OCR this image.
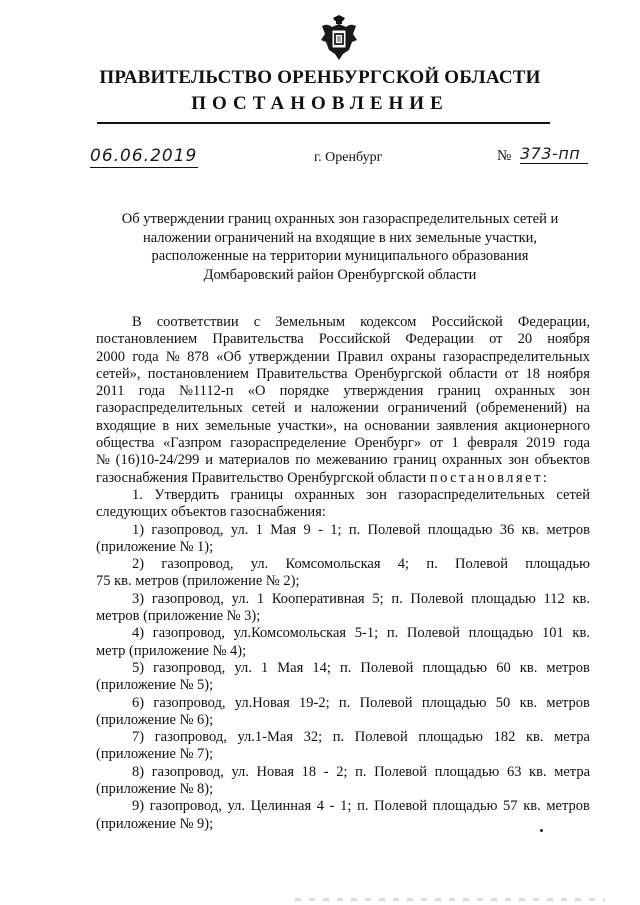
ПРАВИТЕЛЬСТВО ОРЕНБУРГСКОЙ ОБЛАСТИ
ПОСТАНОВЛЕНИЕ
06.06.2019	г. Оренбург	№ 373-пп
Об утверждении границ охранных зон газораспределительных сетей и
наложении ограничений на входящие в них земельные участки,
расположенные на территории муниципального образования
Домбаровский район Оренбургской области
В соответствии с Земельным кодексом Российской Федерации,
постановлением Правительства Российской Федерации от 20 ноября
2000 года № 878 «Об утверждении Правил охраны газораспределительных
сетей», постановлением Правительства Оренбургской области от 18 ноября
2011 года №1112-п «О порядке утверждения границ охранных зон
газораспределительных сетей и наложении ограничений (обременений) на
входящие в них земельные участки», на основании заявления акционерного
общества «Газпром газораспределение Оренбург» от 1 февраля 2019 года
№ (16)10-24/299 и материалов по межеванию границ охранных зон объектов
газоснабжения Правительство Оренбургской области постановляет:
1. Утвердить границы охранных зон газораспределительных сетей
следующих объектов газоснабжения:
1) газопровод, ул. 1 Мая 9 - 1; п. Полевой площадью 36 кв. метров
(приложение № 1);
2) газопровод, ул. Комсомольская 4; п. Полевой площадью
75 кв. метров (приложение № 2);
3) газопровод, ул. 1 Кооперативная 5; п. Полевой площадью 112 кв.
метров (приложение № 3);
4) газопровод, ул.Комсомольская 5-1; п. Полевой площадью 101 кв.
метр (приложение № 4);
5) газопровод, ул. 1 Мая 14; п. Полевой площадью 60 кв. метров
(приложение № 5);
6) газопровод, ул.Новая 19-2; п. Полевой площадью 50 кв. метров
(приложение № 6);
7) газопровод, ул.1-Мая 32; п. Полевой площадью 182 кв. метра
(приложение № 7);
8) газопровод, ул. Новая 18 - 2; п. Полевой площадью 63 кв. метра
(приложение № 8);
9) газопровод, ул. Целинная 4 - 1; п. Полевой площадью 57 кв. метров
(приложение № 9);
